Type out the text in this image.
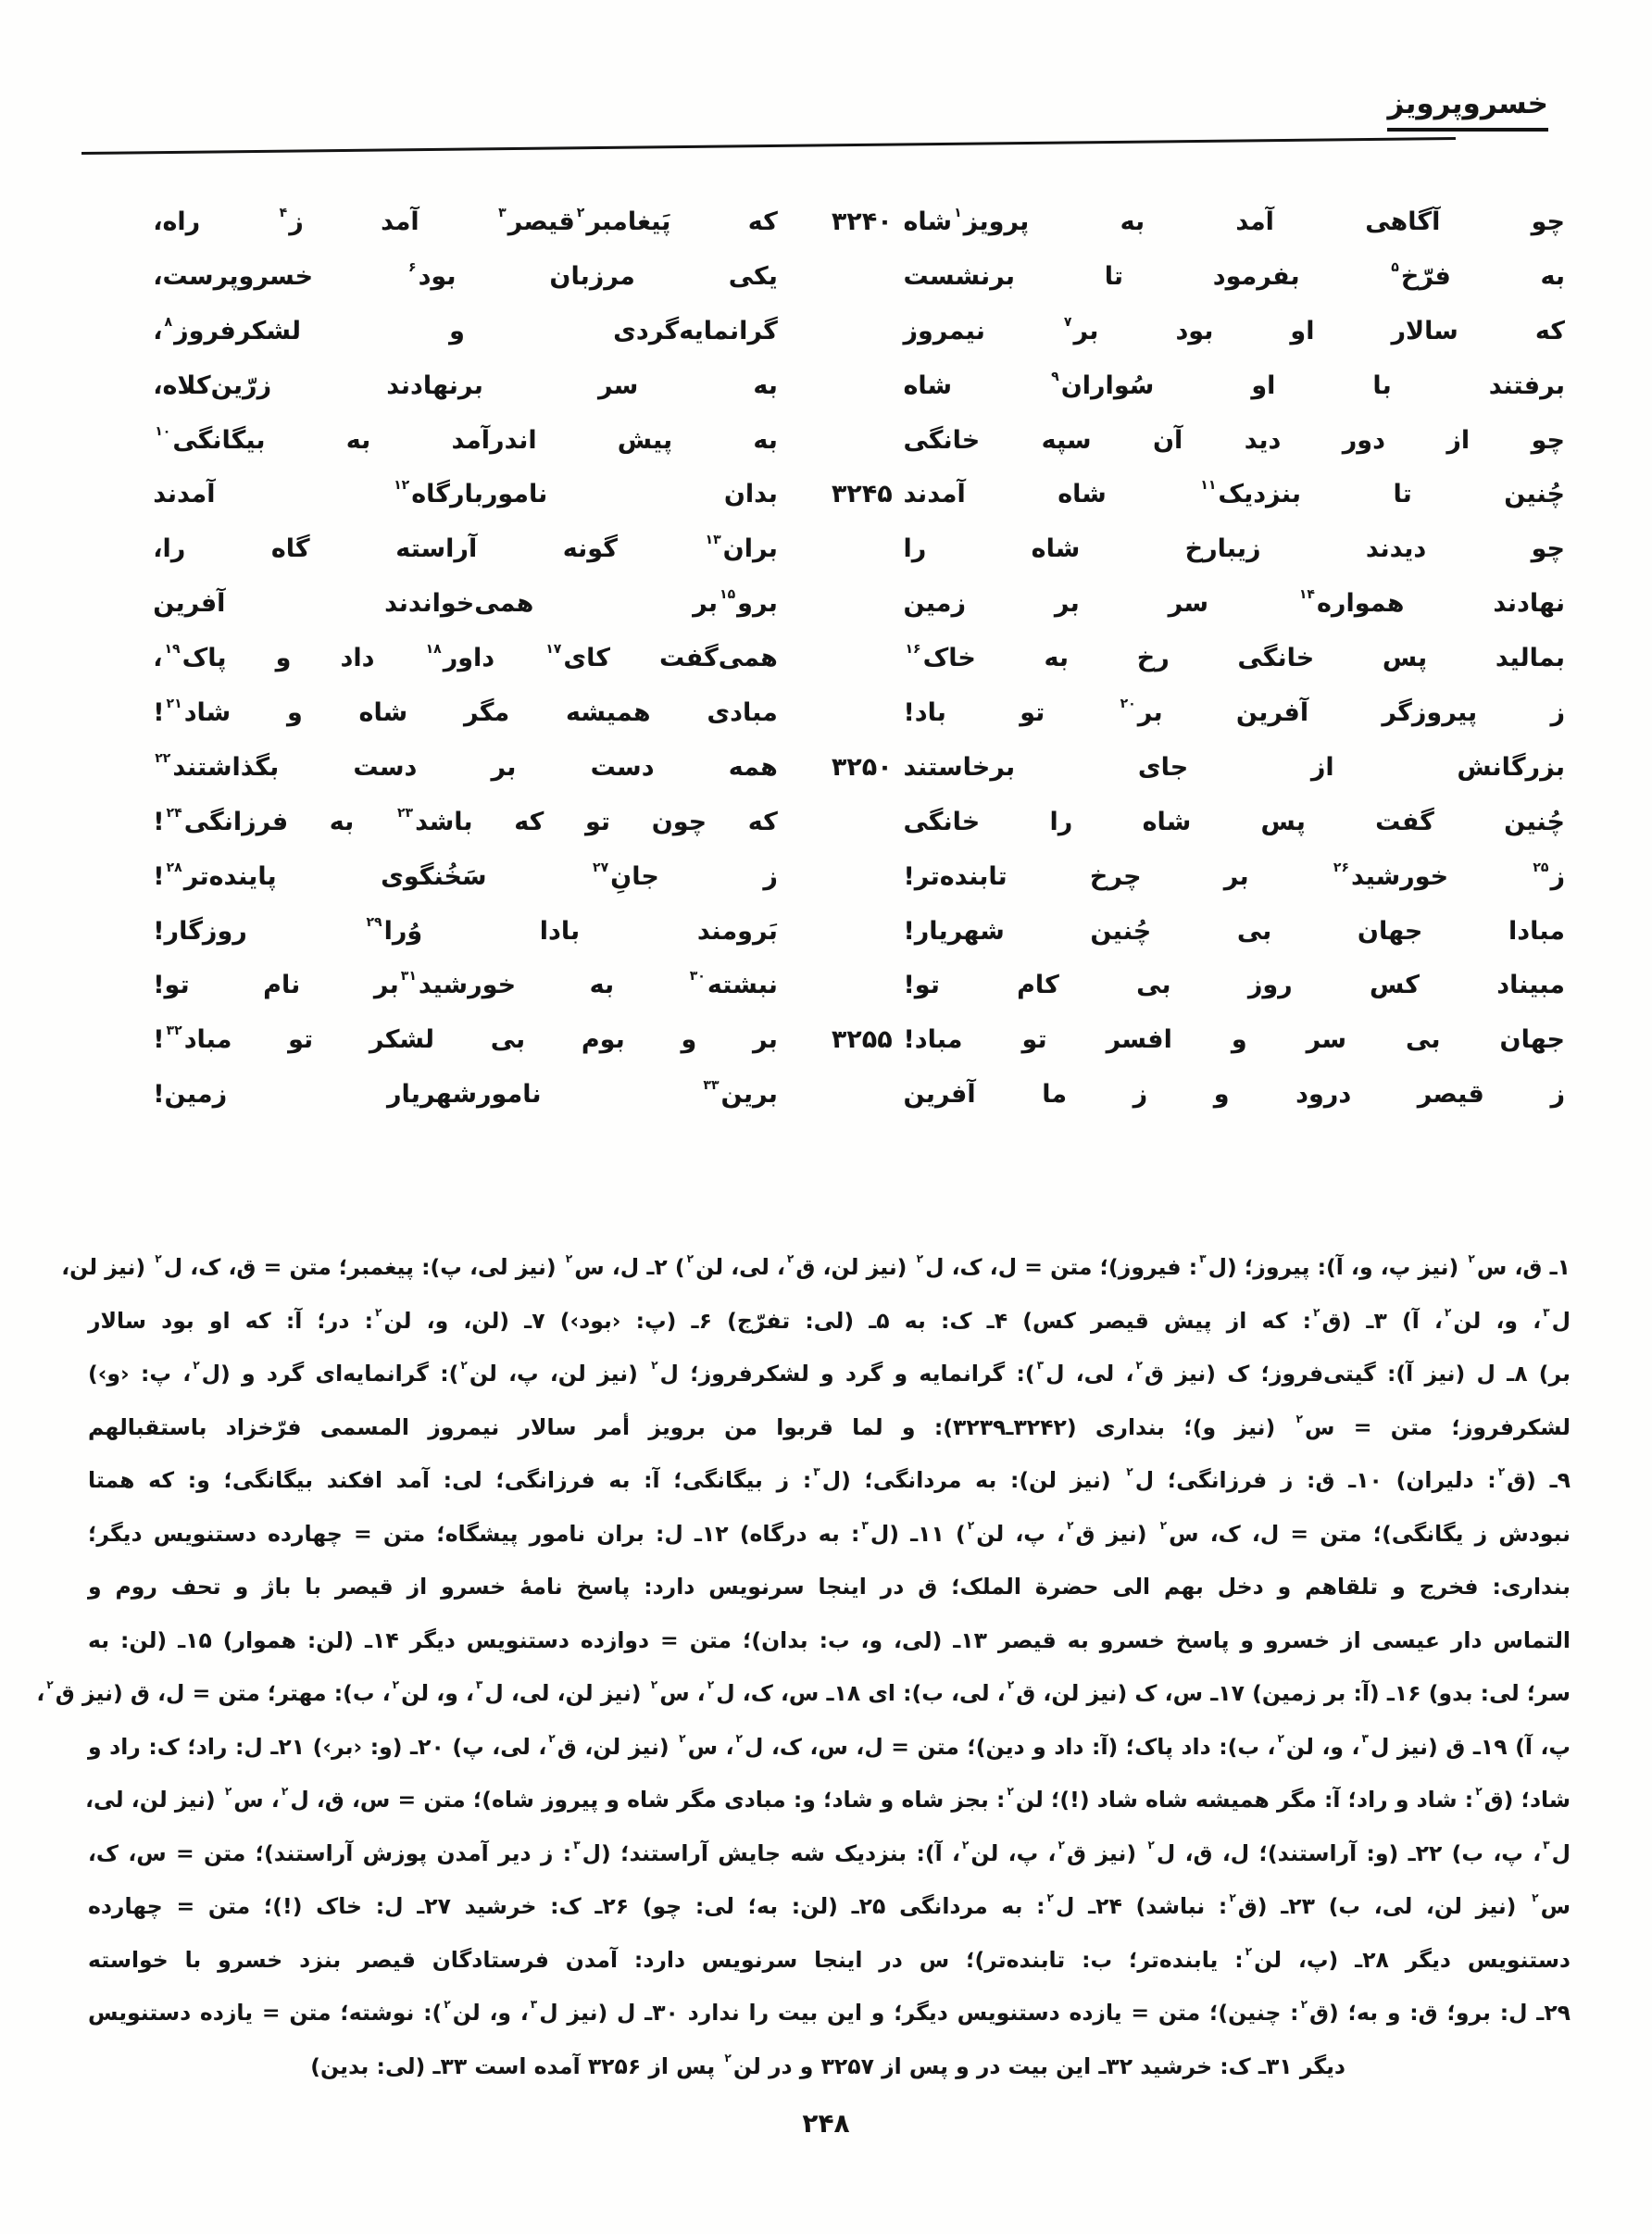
خسروپرویز
چو آگاهی آمد به پرویز$^۱$شاه
۳۲۴۰
که پَیغامبر$^۲$قیصر$^۳$ آمد ز$^۴$ راه،
به فرّخ$^۵$ بفرمود تا برنشست
یکی مرزبان بود$^۶$ خسروپرست،
که سالار او بود بر$^۷$ نیمروز
گرانمایه‌گردی و لشکرفروز$^۸$،
برفتند با او سُواران$^۹$ شاه
به سر برنهادند زرّین‌کلاه،
چو از دور دید آن سپه خانگی
به پیش اندرآمد به بیگانگی$^{۱۰}$
چُنین تا بنزدیک$^{۱۱}$ شاه آمدند
۳۲۴۵
بدان ناموربارگاه$^{۱۲}$ آمدند
چو دیدند زیبارخ شاه را
بران$^{۱۳}$ گونه آراسته گاه را،
نهادند همواره$^{۱۴}$ سر بر زمین
برو$^{۱۵}$بر همی‌خواندند آفرین
بمالید پس خانگی رخ به خاک$^{۱۶}$
همی‌گفت کای$^{۱۷}$ داور$^{۱۸}$ داد و پاک$^{۱۹}$،
ز پیروزگر آفرین بر$^{۲۰}$ تو باد!
مبادی همیشه مگر شاه و شاد$^{۲۱}$!
بزرگانش از جای برخاستند
۳۲۵۰
همه دست بر دست بگذاشتند$^{۲۲}$
چُنین گفت پس شاه را خانگی
که چون تو که باشد$^{۲۳}$ به فرزانگی$^{۲۴}$!
ز$^{۲۵}$ خورشید$^{۲۶}$ بر چرخ تابنده‌تر!
ز جانِ$^{۲۷}$ سَخُنگوی پاینده‌تر$^{۲۸}$!
مبادا جهان بی چُنین شهریار!
بَرومند بادا وُرا$^{۲۹}$ روزگار!
مبیناد کس روز بی کام تو!
نبشته$^{۳۰}$ به خورشید$^{۳۱}$بر نام تو!
جهان بی سر و افسر تو مباد!
۳۲۵۵
بر و بوم بی لشکر تو مباد$^{۳۲}$!
ز قیصر درود و ز ما آفرین
برین$^{۳۳}$ نامورشهریار زمین!
۱ـ ق، س$^۲$ (نیز پ، و، آ): پیروز؛ (ل$^۳$: فیروز)؛ متن = ل، ک، ل$^۲$ (نیز لن، ق$^۲$، لی، لن$^۲$) ۲ـ ل، س$^۲$ (نیز لی، پ): پیغمبر؛ متن = ق، ک، ل$^۲$ (نیز لن،
ل$^۳$، و، لن$^۲$، آ) ۳ـ (ق$^۲$: که از پیش قیصر کس) ۴ـ ک: به ۵ـ (لی: تفرّج) ۶ـ (پ: ‹بود›) ۷ـ (لن، و، لن$^۲$: در؛ آ: که او بود سالار
بر) ۸ـ ل (نیز آ): گیتی‌فروز؛ ک (نیز ق$^۲$، لی، ل$^۳$): گرانمایه و گرد و لشکرفروز؛ ل$^۲$ (نیز لن، پ، لن$^۲$): گرانمایه‌ای گرد و (ل$^۲$، پ: ‹و›)
لشکرفروز؛ متن = س$^۲$ (نیز و)؛ بنداری (۳۲۴۲ـ۳۲۳۹): و لما قربوا من برویز أمر سالار نیمروز المسمی فرّخزاد باستقبالهم
۹ـ (ق$^۲$: دلیران) ۱۰ـ ق: ز فرزانگی؛ ل$^۲$ (نیز لن): به مردانگی؛ (ل$^۳$: ز بیگانگی؛ آ: به فرزانگی؛ لی: آمد افکند بیگانگی؛ و: که همتا
نبودش ز یگانگی)؛ متن = ل، ک، س$^۲$ (نیز ق$^۲$، پ، لن$^۲$) ۱۱ـ (ل$^۳$: به درگاه) ۱۲ـ ل: بران نامور پیشگاه؛ متن = چهارده دستنویس دیگر؛
بنداری: فخرج و تلقاهم و دخل بهم الی حضرة الملک؛ ق در اینجا سرنویس دارد: پاسخ نامهٔ خسرو از قیصر با باژ و تحف روم و
التماس دار عیسی از خسرو و پاسخ خسرو به قیصر ۱۳ـ (لی، و، ب: بدان)؛ متن = دوازده دستنویس دیگر ۱۴ـ (لن: هموار) ۱۵ـ (لن: به
سر؛ لی: بدو) ۱۶ـ (آ: بر زمین) ۱۷ـ س، ک (نیز لن، ق$^۲$، لی، ب): ای ۱۸ـ س، ک، ل$^۲$، س$^۲$ (نیز لن، لی، ل$^۳$، و، لن$^۲$، ب): مهتر؛ متن = ل، ق (نیز ق$^۲$،
پ، آ) ۱۹ـ ق (نیز ل$^۳$، و، لن$^۲$، ب): داد پاک؛ (آ: داد و دین)؛ متن = ل، س، ک، ل$^۲$، س$^۲$ (نیز لن، ق$^۲$، لی، پ) ۲۰ـ (و: ‹بر›) ۲۱ـ ل: راد؛ ک: راد و
شاد؛ (ق$^۲$: شاد و راد؛ آ: مگر همیشه شاه شاد (!)؛ لن$^۲$: بجز شاه و شاد؛ و: مبادی مگر شاه و پیروز شاه)؛ متن = س، ق، ل$^۲$، س$^۲$ (نیز لن، لی،
ل$^۳$، پ، ب) ۲۲ـ (و: آراستند)؛ ل، ق، ل$^۲$ (نیز ق$^۲$، پ، لن$^۲$، آ): بنزدیک شه جایش آراستند؛ (ل$^۳$: ز دیر آمدن پوزش آراستند)؛ متن = س، ک،
س$^۲$ (نیز لن، لی، ب) ۲۳ـ (ق$^۲$: نباشد) ۲۴ـ ل$^۲$: به مردانگی ۲۵ـ (لن: به؛ لی: چو) ۲۶ـ ک: خرشید ۲۷ـ ل: خاک (!)؛ متن = چهارده
دستنویس دیگر ۲۸ـ (پ، لن$^۲$: یابنده‌تر؛ ب: تابنده‌تر)؛ س در اینجا سرنویس دارد: آمدن فرستادگان قیصر بنزد خسرو با خواسته
۲۹ـ ل: برو؛ ق: و به؛ (ق$^۲$: چنین)؛ متن = یازده دستنویس دیگر؛ و این بیت را ندارد ۳۰ـ ل (نیز ل$^۳$، و، لن$^۲$): نوشته؛ متن = یازده دستنویس
دیگر ۳۱ـ ک: خرشید ۳۲ـ این بیت در و پس از ۳۲۵۷ و در لن$^۲$ پس از ۳۲۵۶ آمده است ۳۳ـ (لی: بدین)
۲۴۸
